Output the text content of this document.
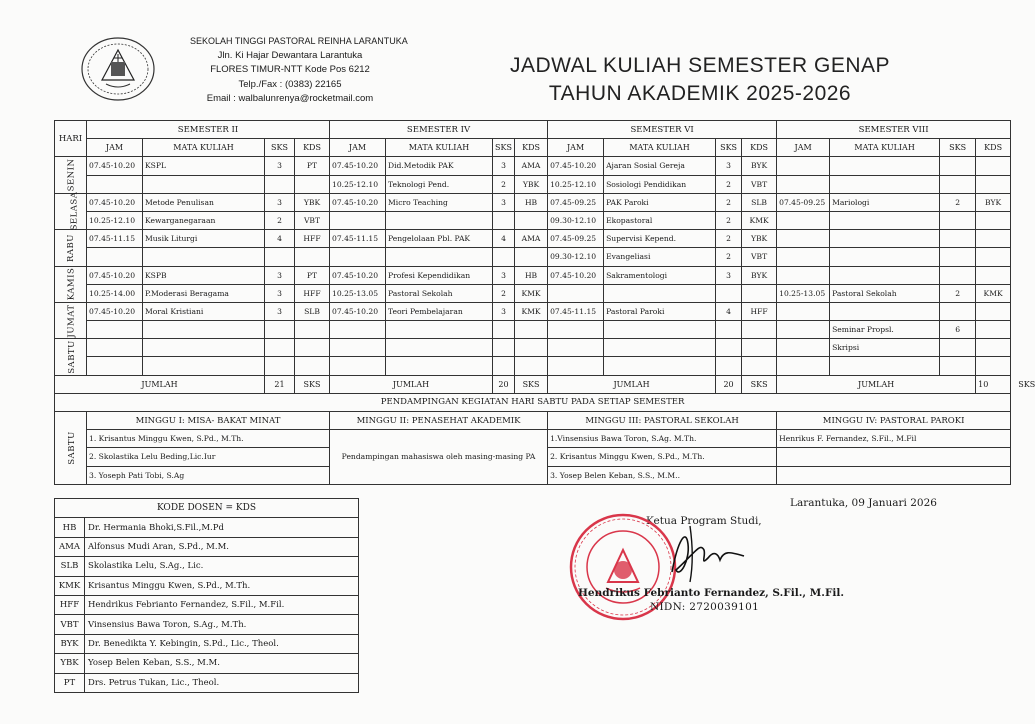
SEKOLAH TINGGI PASTORAL REINHA LARANTUKA
Jln. Ki Hajar Dewantara Larantuka
FLORES TIMUR-NTT Kode Pos 6212
Telp./Fax : (0383) 22165
Email : walbalunrenya@rocketmail.com
JADWAL KULIAH SEMESTER GENAP
TAHUN AKADEMIK 2025-2026
HARI	SEMESTER II				SEMESTER IV				SEMESTER VI				SEMESTER VIII			
	JAM	MATA KULIAH	SKS	KDS	JAM	MATA KULIAH	SKS	KDS	JAM	MATA KULIAH	SKS	KDS	JAM	MATA KULIAH	SKS	KDS
SENIN	07.45-10.20	KSPL	3	PT	07.45-10.20	Did.Metodik PAK	3	AMA	07.45-10.20	Ajaran Sosial Gereja	3	BYK				
					10.25-12.10	Teknologi Pend.	2	YBK	10.25-12.10	Sosiologi Pendidikan	2	VBT				
SELASA	07.45-10.20	Metode Penulisan	3	YBK	07.45-10.20	Micro Teaching	3	HB	07.45-09.25	PAK Paroki	2	SLB	07.45-09.25	Mariologi	2	BYK
	10.25-12.10	Kewarganegaraan	2	VBT					09.30-12.10	Ekopastoral	2	KMK				
RABU	07.45-11.15	Musik Liturgi	4	HFF	07.45-11.15	Pengelolaan Pbl. PAK	4	AMA	07.45-09.25	Supervisi Kepend.	2	YBK				
									09.30-12.10	Evangeliasi	2	VBT				
KAMIS	07.45-10.20	KSPB	3	PT	07.45-10.20	Profesi Kependidikan	3	HB	07.45-10.20	Sakramentologi	3	BYK				
	10.25-14.00	P.Moderasi Beragama	3	HFF	10.25-13.05	Pastoral Sekolah	2	KMK					10.25-13.05	Pastoral Sekolah	2	KMK
JUMAT	07.45-10.20	Moral Kristiani	3	SLB	07.45-10.20	Teori Pembelajaran	3	KMK	07.45-11.15	Pastoral Paroki	4	HFF				
														Seminar Propsl.	6	
SABTU														Skripsi		

JUMLAH			21	SKS	JUMLAH		20	SKS	JUMLAH		20	SKS	JUMLAH			10 SKS
PENDAMPINGAN KEGIATAN HARI SABTU PADA SETIAP SEMESTER																
SABTU	MINGGU I: MISA- BAKAT MINAT				MINGGU II: PENASEHAT AKADEMIK				MINGGU III: PASTORAL SEKOLAH				MINGGU IV: PASTORAL PAROKI			
	1. Krisantus Minggu Kwen, S.Pd., M.Th.				Pendampingan mahasiswa oleh masing-masing PA				1.Vinsensius Bawa Toron, S.Ag. M.Th.				Henrikus F. Fernandez, S.Fil., M.Fil			
	2. Skolastika Lelu Beding,Lic.Iur								2. Krisantus Minggu Kwen, S.Pd., M.Th.							
	3. Yoseph Pati Tobi, S.Ag								3. Yosep Belen Keban, S.S., M.M..							
KODE DOSEN = KDS	
HB	Dr. Hermania Bhoki,S.Fil.,M.Pd
AMA	Alfonsus Mudi Aran, S.Pd., M.M.
SLB	Skolastika Lelu, S.Ag., Lic.
KMK	Krisantus Minggu Kwen, S.Pd., M.Th.
HFF	Hendrikus Febrianto Fernandez, S.Fil., M.Fil.
VBT	Vinsensius Bawa Toron, S.Ag., M.Th.
BYK	Dr. Benedikta Y. Kebingin, S.Pd., Lic., Theol.
YBK	Yosep Belen Keban, S.S., M.M.
PT	Drs. Petrus Tukan, Lic., Theol.
Larantuka, 09 Januari 2026
Ketua Program Studi,
Hendrikus Febrianto Fernandez, S.Fil., M.Fil.
NIDN: 2720039101
